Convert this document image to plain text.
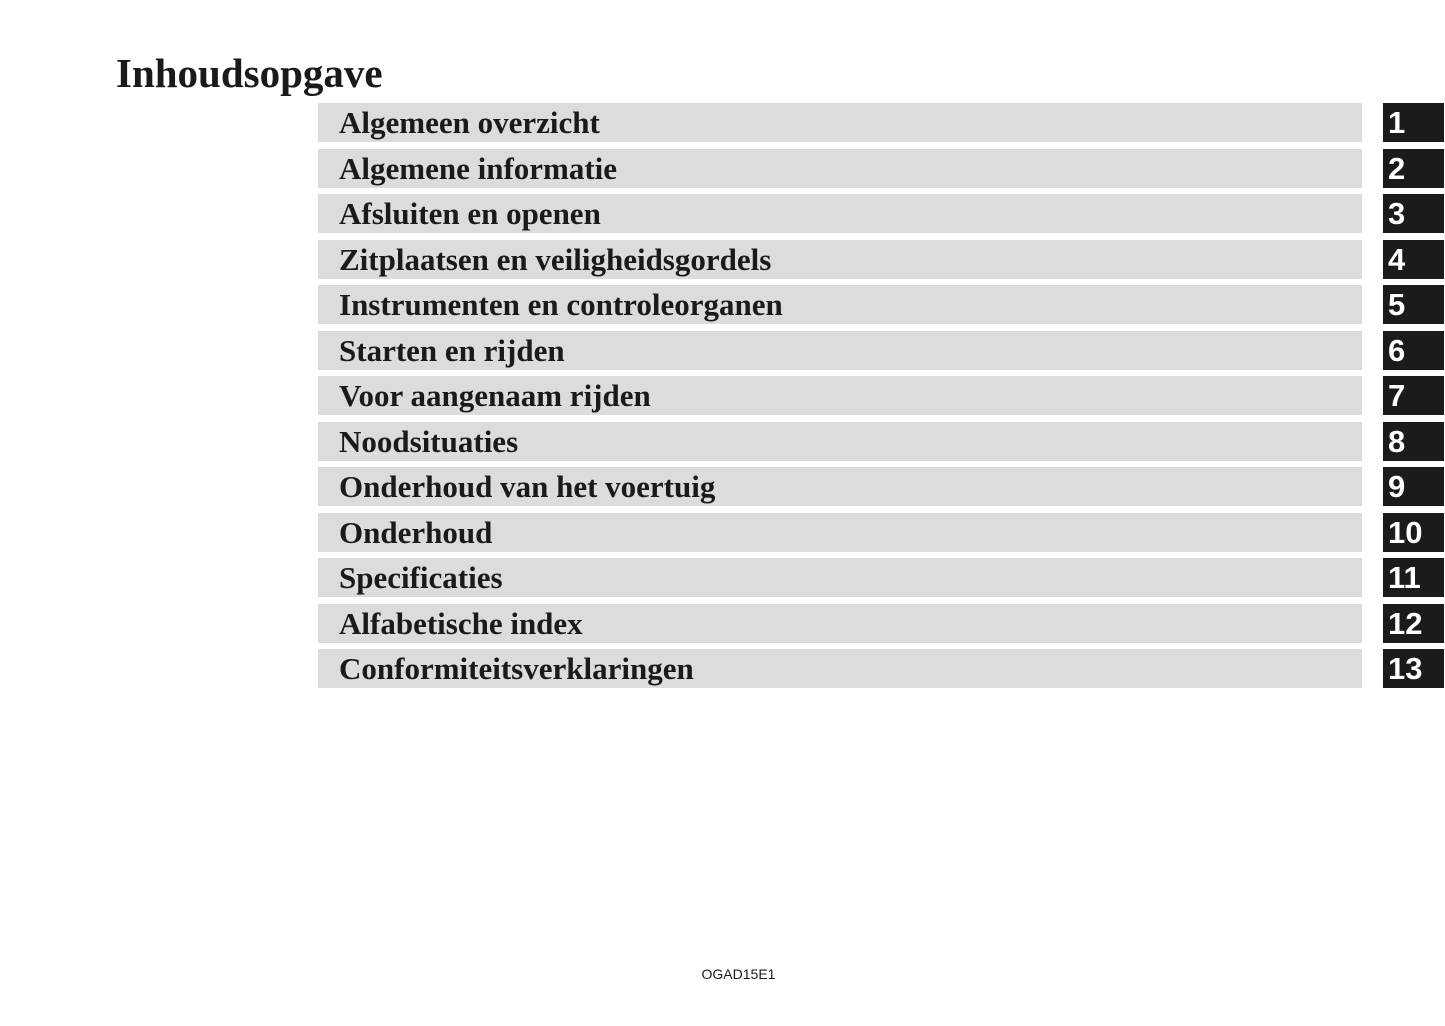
Inhoudsopgave
Algemeen overzicht	1
Algemene informatie	2
Afsluiten en openen	3
Zitplaatsen en veiligheidsgordels	4
Instrumenten en controleorganen	5
Starten en rijden	6
Voor aangenaam rijden	7
Noodsituaties	8
Onderhoud van het voertuig	9
Onderhoud	10
Specificaties	11
Alfabetische index	12
Conformiteitsverklaringen	13
OGAD15E1
